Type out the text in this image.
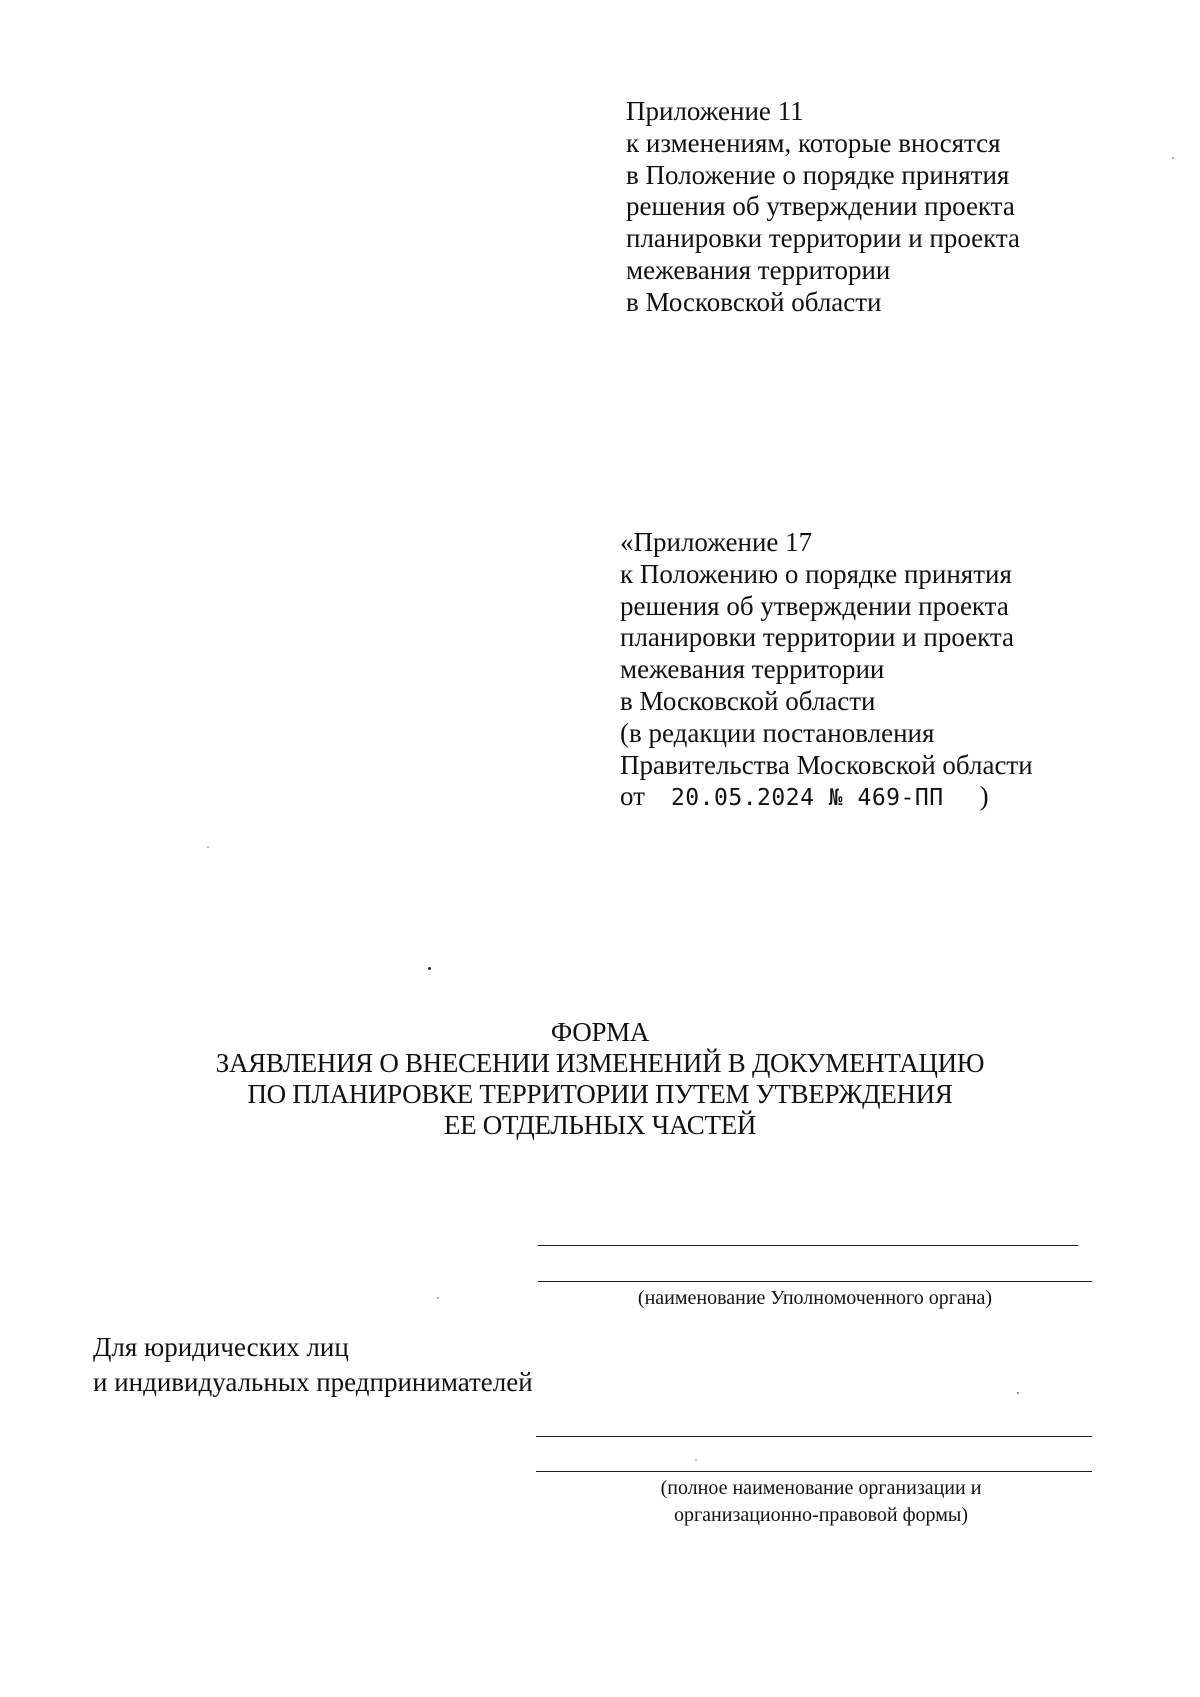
Приложение 11
к изменениям, которые вносятся
в Положение о порядке принятия
решения об утверждении проекта
планировки территории и проекта
межевания территории
в Московской области
«Приложение 17
к Положению о порядке принятия
решения об утверждении проекта
планировки территории и проекта
межевания территории
в Московской области
(в редакции постановления
Правительства Московской области
от 20.05.2024 № 469-ПП )
ФОРМА
ЗАЯВЛЕНИЯ О ВНЕСЕНИИ ИЗМЕНЕНИЙ В ДОКУМЕНТАЦИЮ
ПО ПЛАНИРОВКЕ ТЕРРИТОРИИ ПУТЕМ УТВЕРЖДЕНИЯ
ЕЕ ОТДЕЛЬНЫХ ЧАСТЕЙ
(наименование Уполномоченного органа)
Для юридических лиц
и индивидуальных предпринимателей
(полное наименование организации и
организационно-правовой формы)
